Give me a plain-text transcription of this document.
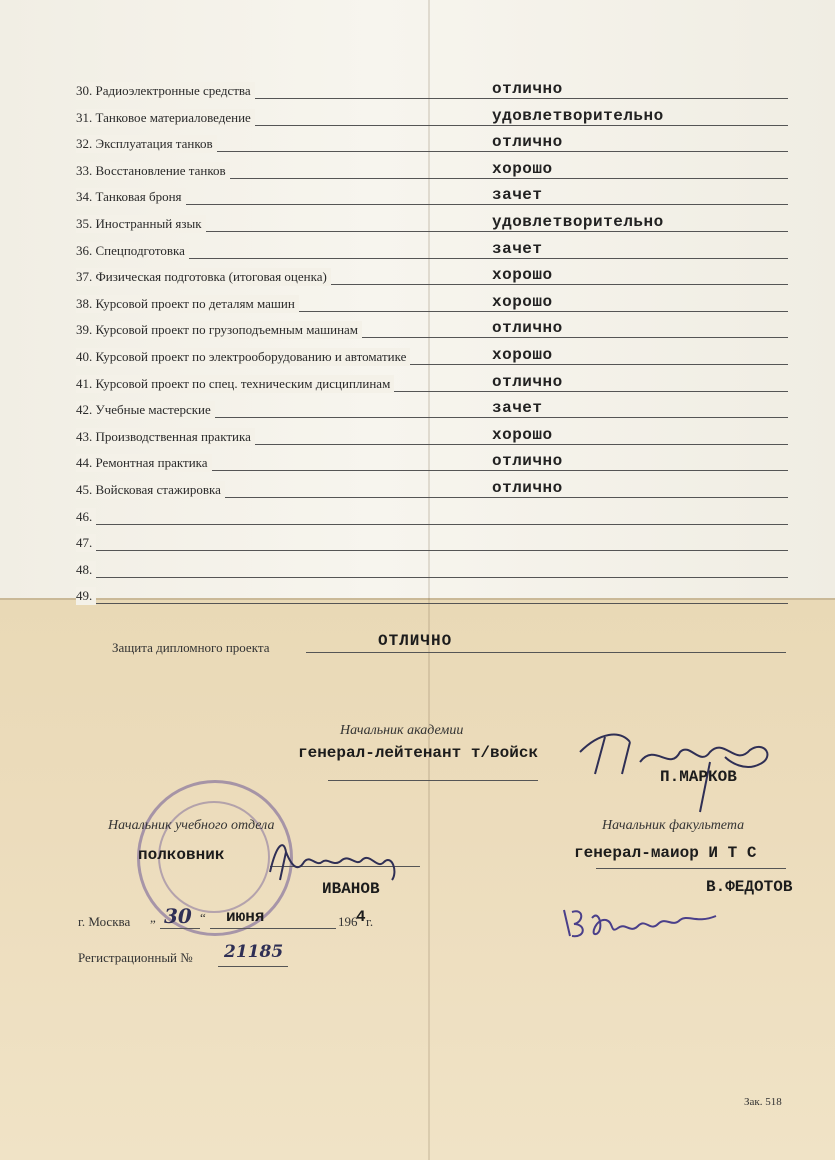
30. Радиоэлектронные средства	отлично
31. Танковое материаловедение	удовлетворительно
32. Эксплуатация танков	отлично
33. Восстановление танков	хорошо
34. Танковая броня	зачет
35. Иностранный язык	удовлетворительно
36. Спецподготовка	зачет
37. Физическая подготовка (итоговая оценка)	хорошо
38. Курсовой проект по деталям машин	хорошо
39. Курсовой проект по грузоподъемным машинам	отлично
40. Курсовой проект по электрооборудованию и автоматике	хорошо
41. Курсовой проект по спец. техническим дисциплинам	отлично
42. Учебные мастерские	зачет
43. Производственная практика	хорошо
44. Ремонтная практика	отлично
45. Войсковая стажировка	отлично
46.
47.
48.
49.
Защита дипломного проекта	ОТЛИЧНО
Начальник академии
генерал-лейтенант т/войск
П.МАРКОВ
Начальник учебного отдела
полковник
ИВАНОВ
Начальник факультета
генерал-маиор И Т С
В.ФЕДОТОВ
г. Москва „ 30 “ июня	196
4 г.
Регистрационный № 21185
Зак. 518
